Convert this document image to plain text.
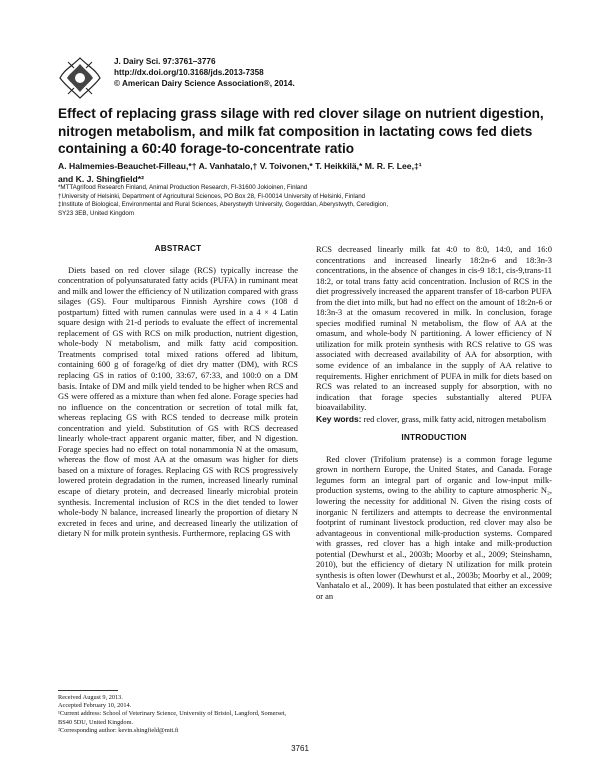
J. Dairy Sci. 97:3761–3776
http://dx.doi.org/10.3168/jds.2013-7358
© American Dairy Science Association®, 2014.
Effect of replacing grass silage with red clover silage on nutrient digestion, nitrogen metabolism, and milk fat composition in lactating cows fed diets containing a 60:40 forage-to-concentrate ratio
A. Halmemies-Beauchet-Filleau,*† A. Vanhatalo,† V. Toivonen,* T. Heikkilä,* M. R. F. Lee,‡¹
and K. J. Shingfield*²
*MTTAgrifood Research Finland, Animal Production Research, FI-31600 Jokioinen, Finland
†University of Helsinki, Department of Agricultural Sciences, PO Box 28, FI-00014 University of Helsinki, Finland
‡Institute of Biological, Environmental and Rural Sciences, Aberystwyth University, Gogerddan, Aberystwyth, Ceredigion,
SY23 3EB, United Kingdom
ABSTRACT

Diets based on red clover silage (RCS) typically increase the concentration of polyunsaturated fatty acids (PUFA) in ruminant meat and milk and lower the efficiency of N utilization compared with grass silages (GS). Four multiparous Finnish Ayrshire cows (108 d postpartum) fitted with rumen cannulas were used in a 4 × 4 Latin square design with 21-d periods to evaluate the effect of incremental replacement of GS with RCS on milk production, nutrient digestion, whole-body N metabolism, and milk fatty acid composition. Treatments comprised total mixed rations offered ad libitum, containing 600 g of forage/kg of diet dry matter (DM), with RCS replacing GS in ratios of 0:100, 33:67, 67:33, and 100:0 on a DM basis. Intake of DM and milk yield tended to be higher when RCS and GS were offered as a mixture than when fed alone. Forage species had no influence on the concentration or secretion of total milk fat, whereas replacing GS with RCS tended to decrease milk protein concentration and yield. Substitution of GS with RCS decreased linearly whole-tract apparent organic matter, fiber, and N digestion. Forage species had no effect on total nonammonia N at the omasum, whereas the flow of most AA at the omasum was higher for diets based on a mixture of forages. Replacing GS with RCS progressively lowered protein degradation in the rumen, increased linearly ruminal escape of dietary protein, and decreased linearly microbial protein synthesis. Incremental inclusion of RCS in the diet tended to lower whole-body N balance, increased linearly the proportion of dietary N excreted in feces and urine, and decreased linearly the utilization of dietary N for milk protein synthesis. Furthermore, replacing GS with

RCS decreased linearly milk fat 4:0 to 8:0, 14:0, and 16:0 concentrations and increased linearly 18:2n-6 and 18:3n-3 concentrations, in the absence of changes in cis-9 18:1, cis-9,trans-11 18:2, or total trans fatty acid concentration. Inclusion of RCS in the diet progressively increased the apparent transfer of 18-carbon PUFA from the diet into milk, but had no effect on the amount of 18:2n-6 or 18:3n-3 at the omasum recovered in milk. In conclusion, forage species modified ruminal N metabolism, the flow of AA at the omasum, and whole-body N partitioning. A lower efficiency of N utilization for milk protein synthesis with RCS relative to GS was associated with decreased availability of AA for absorption, with some evidence of an imbalance in the supply of AA relative to requirements. Higher enrichment of PUFA in milk for diets based on RCS was related to an increased supply for absorption, with no indication that forage species substantially altered PUFA bioavailability.

Key words: red clover, grass, milk fatty acid, nitrogen metabolism

INTRODUCTION

Red clover (Trifolium pratense) is a common forage legume grown in northern Europe, the United States, and Canada. Forage legumes form an integral part of organic and low-input milk-production systems, owing to the ability to capture atmospheric N₂, lowering the necessity for additional N. Given the rising costs of inorganic N fertilizers and attempts to decrease the environmental footprint of ruminant livestock production, red clover may also be advantageous in conventional milk-production systems. Compared with grasses, red clover has a high intake and milk-production potential (Dewhurst et al., 2003b; Moorby et al., 2009; Steinshamn, 2010), but the efficiency of dietary N utilization for milk protein synthesis is often lower (Dewhurst et al., 2003b; Moorby et al., 2009; Vanhatalo et al., 2009). It has been postulated that either an excessive or an

Received August 9, 2013.
Accepted February 10, 2014.
¹Current address: School of Veterinary Science, University of Bristol, Langford, Somerset, BS40 5DU, United Kingdom.
²Corresponding author: kevin.shingfield@mtt.fi
3761
